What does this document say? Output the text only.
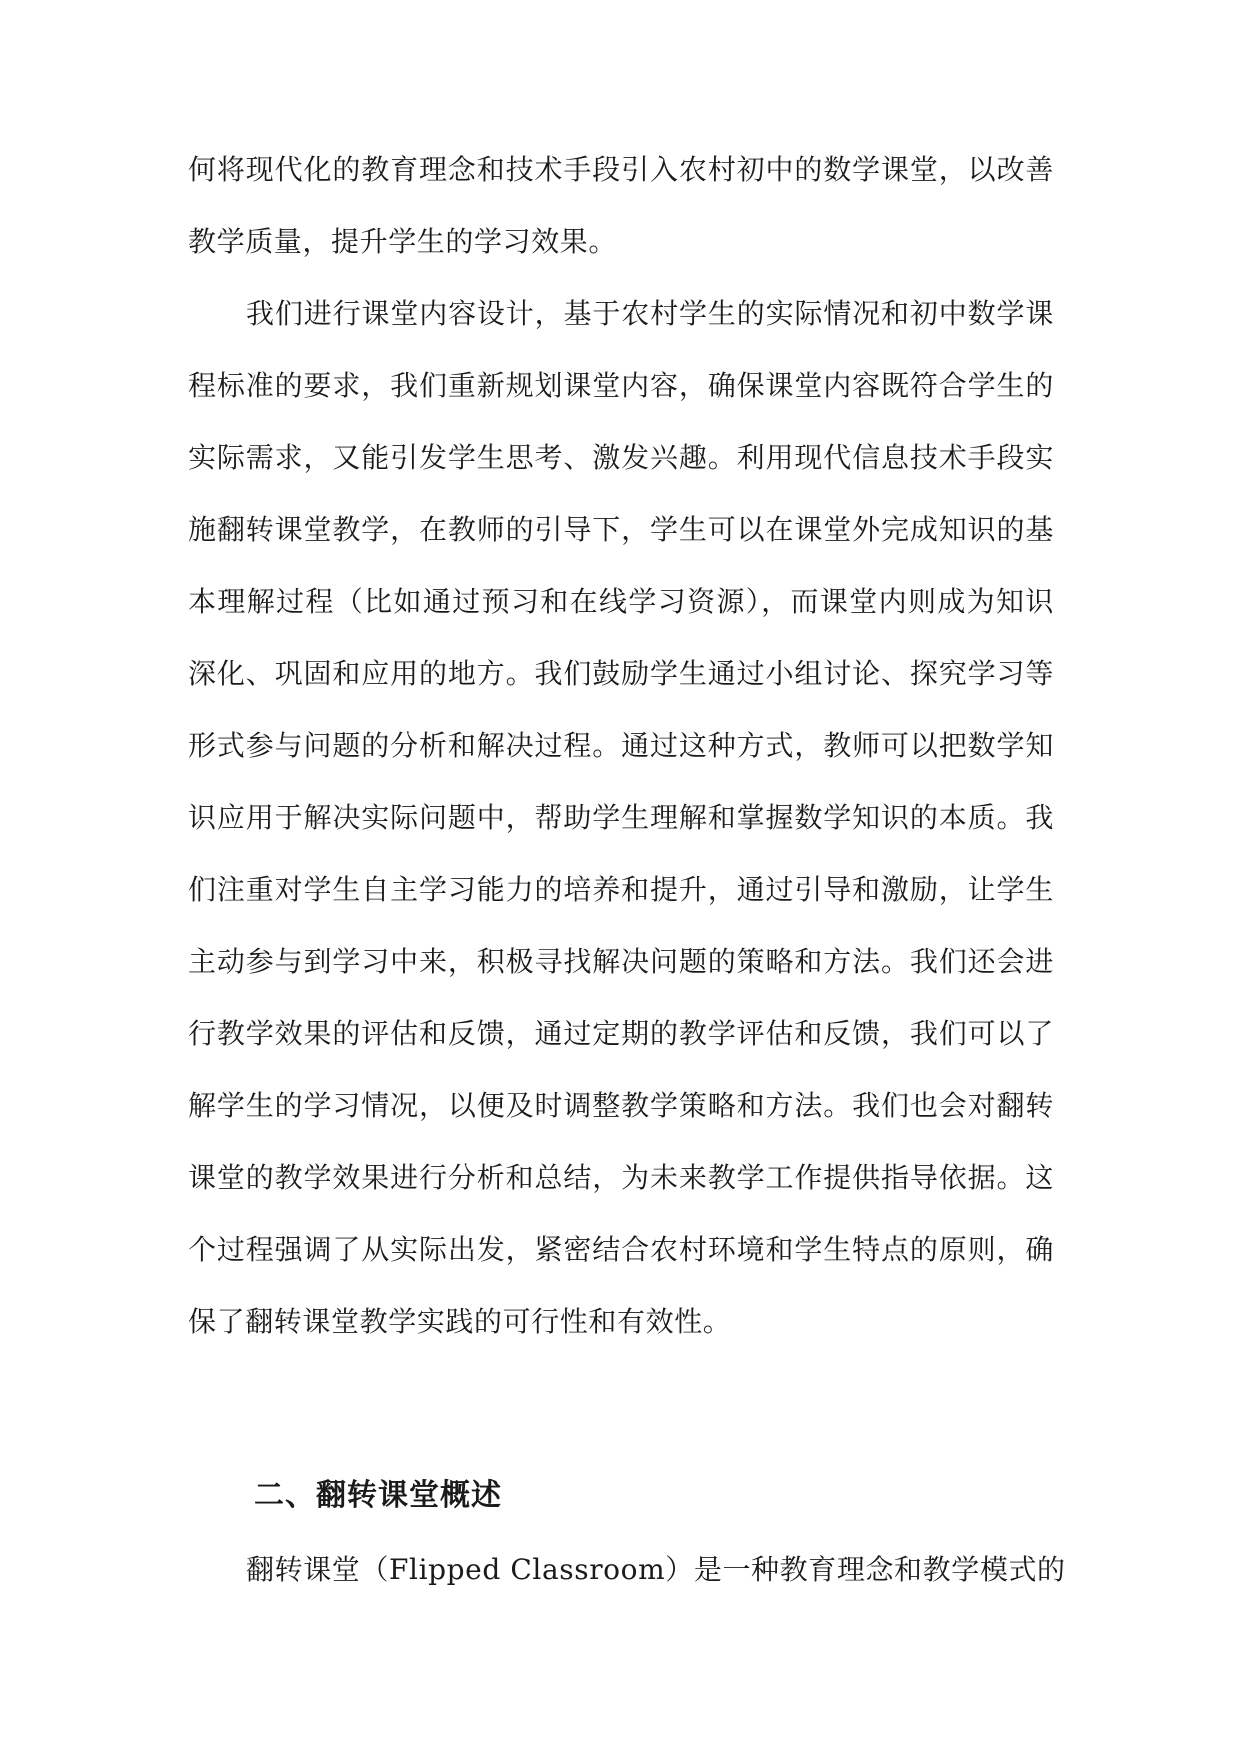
何将现代化的教育理念和技术手段引入农村初中的数学课堂，以改善
教学质量，提升学生的学习效果。
我们进行课堂内容设计，基于农村学生的实际情况和初中数学课
程标准的要求，我们重新规划课堂内容，确保课堂内容既符合学生的
实际需求，又能引发学生思考、激发兴趣。利用现代信息技术手段实
施翻转课堂教学，在教师的引导下，学生可以在课堂外完成知识的基
本理解过程（比如通过预习和在线学习资源），而课堂内则成为知识
深化、巩固和应用的地方。我们鼓励学生通过小组讨论、探究学习等
形式参与问题的分析和解决过程。通过这种方式，教师可以把数学知
识应用于解决实际问题中，帮助学生理解和掌握数学知识的本质。我
们注重对学生自主学习能力的培养和提升，通过引导和激励，让学生
主动参与到学习中来，积极寻找解决问题的策略和方法。我们还会进
行教学效果的评估和反馈，通过定期的教学评估和反馈，我们可以了
解学生的学习情况，以便及时调整教学策略和方法。我们也会对翻转
课堂的教学效果进行分析和总结，为未来教学工作提供指导依据。这
个过程强调了从实际出发，紧密结合农村环境和学生特点的原则，确
保了翻转课堂教学实践的可行性和有效性。
二、翻转课堂概述
翻转课堂（Flipped Classroom）是一种教育理念和教学模式的
